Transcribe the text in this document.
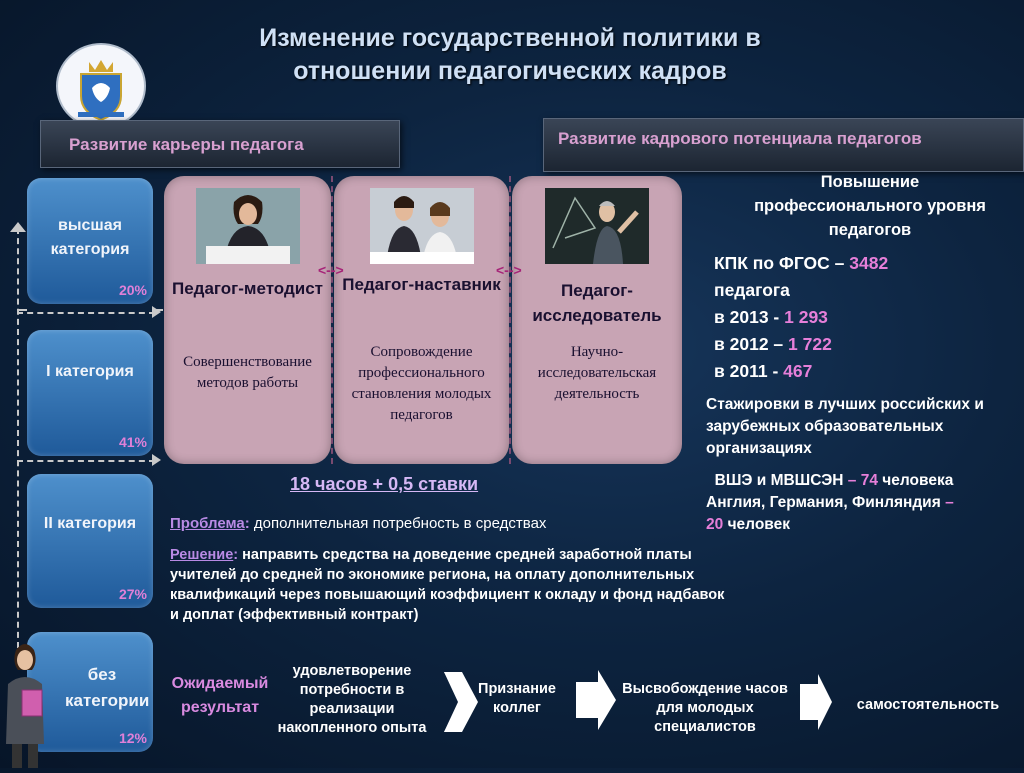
Изменение государственной политики в отношении педагогических кадров
Развитие карьеры педагога	Развитие кадрового потенциала педагогов
высшая категория
20%
I категория
41%
II категория
27%
без категории
12%
Педагог-методист
Совершенствование методов работы
Педагог-наставник
Сопровождение профессионального становления молодых педагогов
Педагог-исследователь
Научно-исследовательская деятельность
<-->	<-->
18 часов + 0,5 ставки
Проблема: дополнительная потребность в средствах
Решение: направить средства на доведение средней заработной платы учителей до средней по экономике региона, на оплату дополнительных квалификаций через повышающий коэффициент к окладу и фонд надбавок и доплат (эффективный контракт)
Повышение профессионального уровня педагогов
КПК по ФГОС – 3482
педагога
в 2013 - 1 293
в 2012 – 1 722
в 2011 - 467
Стажировки в лучших российских и зарубежных образовательных организациях
ВШЭ и МВШСЭН – 74 человека
Англия, Германия, Финляндия –
20 человек
Ожидаемый результат
удовлетворение потребности в реализации накопленного опыта
Признание коллег
Высвобождение часов для молодых специалистов
самостоятельность
